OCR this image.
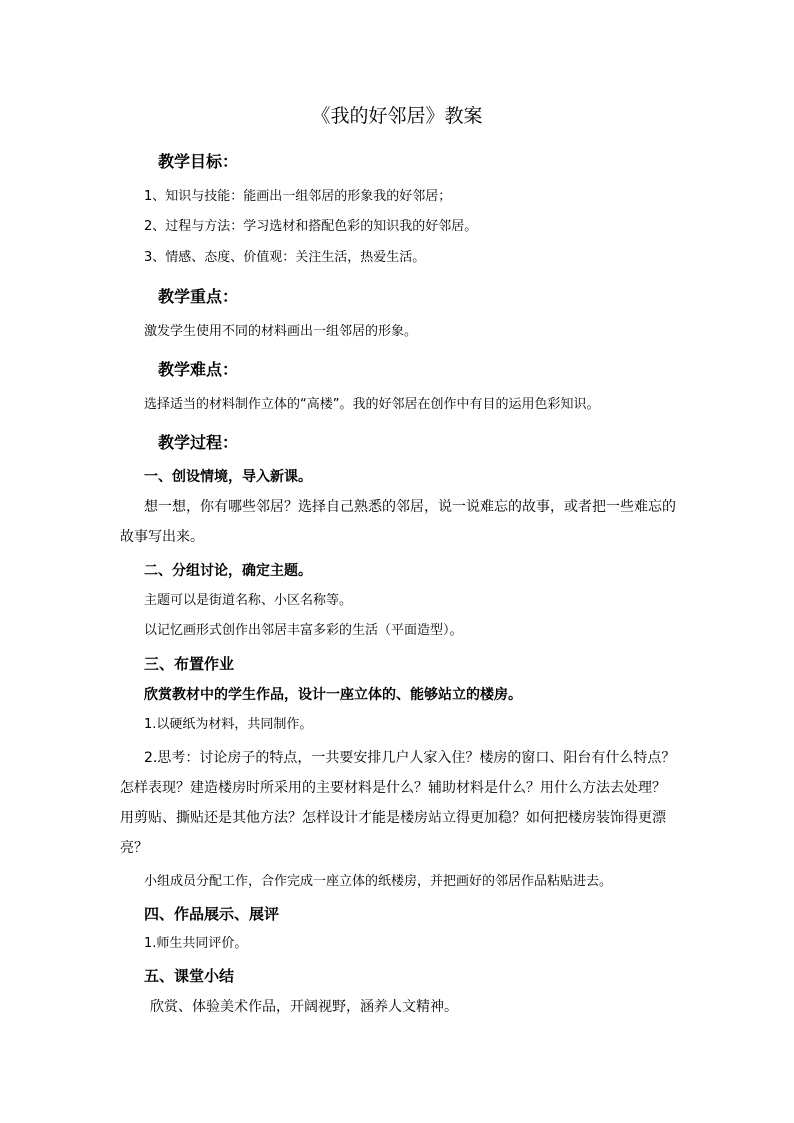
《我的好邻居》教案
教学目标：
1、知识与技能：能画出一组邻居的形象我的好邻居；
2、过程与方法：学习选材和搭配色彩的知识我的好邻居。
3、情感、态度、价值观：关注生活，热爱生活。
教学重点：
激发学生使用不同的材料画出一组邻居的形象。
教学难点：
选择适当的材料制作立体的“高楼”。我的好邻居在创作中有目的运用色彩知识。
教学过程：
一、创设情境，导入新课。
想一想，你有哪些邻居？选择自己熟悉的邻居，说一说难忘的故事，或者把一些难忘的
故事写出来。
二、分组讨论，确定主题。
主题可以是街道名称、小区名称等。
以记忆画形式创作出邻居丰富多彩的生活（平面造型）。
三、布置作业
欣赏教材中的学生作品，设计一座立体的、能够站立的楼房。
1.以硬纸为材料，共同制作。
2.思考：讨论房子的特点，一共要安排几户人家入住？楼房的窗口、阳台有什么特点？
怎样表现？建造楼房时所采用的主要材料是什么？辅助材料是什么？用什么方法去处理？
用剪贴、撕贴还是其他方法？怎样设计才能是楼房站立得更加稳？如何把楼房装饰得更漂
亮？
小组成员分配工作，合作完成一座立体的纸楼房，并把画好的邻居作品粘贴进去。
四、作品展示、展评
1.师生共同评价。
五、课堂小结
欣赏、体验美术作品，开阔视野，涵养人文精神。
